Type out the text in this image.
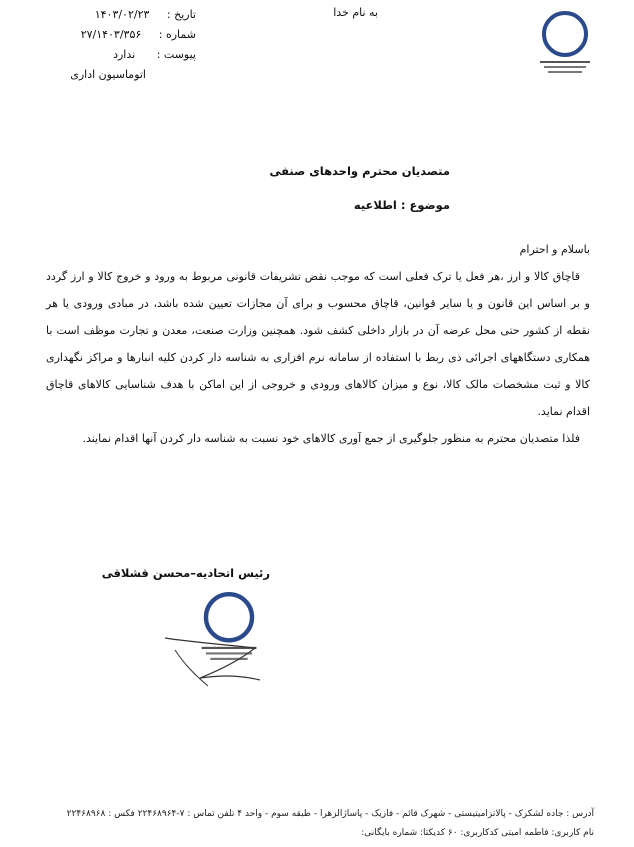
به نام خدا
تاریخ : ۱۴۰۳/۰۲/۲۳
شماره : ۲۷/۱۴۰۳/۳۵۶
پیوست : ندارد
اتوماسیون اداری
متصدیان محترم واحدهای صنفی
موضوع : اطلاعیه

باسلام و احترام

قاچاق کالا و ارز ،هر فعل یا ترک فعلی است که موجب نقض تشریفات قانونی مربوط به ورود و خروج کالا و ارز گردد و بر اساس این قانون و یا سایر قوانین، قاچاق محسوب و برای آن مجازات تعیین شده باشد، در مبادی ورودی یا هر نقطه از کشور حتی محل عرضه آن در بازار داخلی کشف شود. همچنین وزارت صنعت، معدن و تجارت موظف است با همکاری دستگاههای اجرائی ذی ربط با استفاده از سامانه نرم افزاری به شناسه دار کردن کلیه انبارها و مراکز نگهداری کالا و ثبت مشخصات مالک کالا، نوع و میزان کالاهای ورودی و خروجی از این اماکن با هدف شناسایی کالاهای قاچاق اقدام نماید.

فلذا متصدیان محترم به منظور جلوگیری از جمع آوری کالاهای خود نسبت به شناسه دار کردن آنها اقدام نمایند.

رئیس اتحادیه–محسن قشلاقی
آدرس : جاده لشکرک - پالاتزامیتیستی - شهرک قائم - فازیک - پاساژالزهرا - طبقه سوم - واحد ۴ تلفن تماس : ۷-۲۲۴۶۸۹۶۴ فکس : ۲۲۴۶۸۹۶۸
نام کاربری: فاطمه امیتی کدکاربری: ۶۰ کدیکتا: شماره بایگانی:
